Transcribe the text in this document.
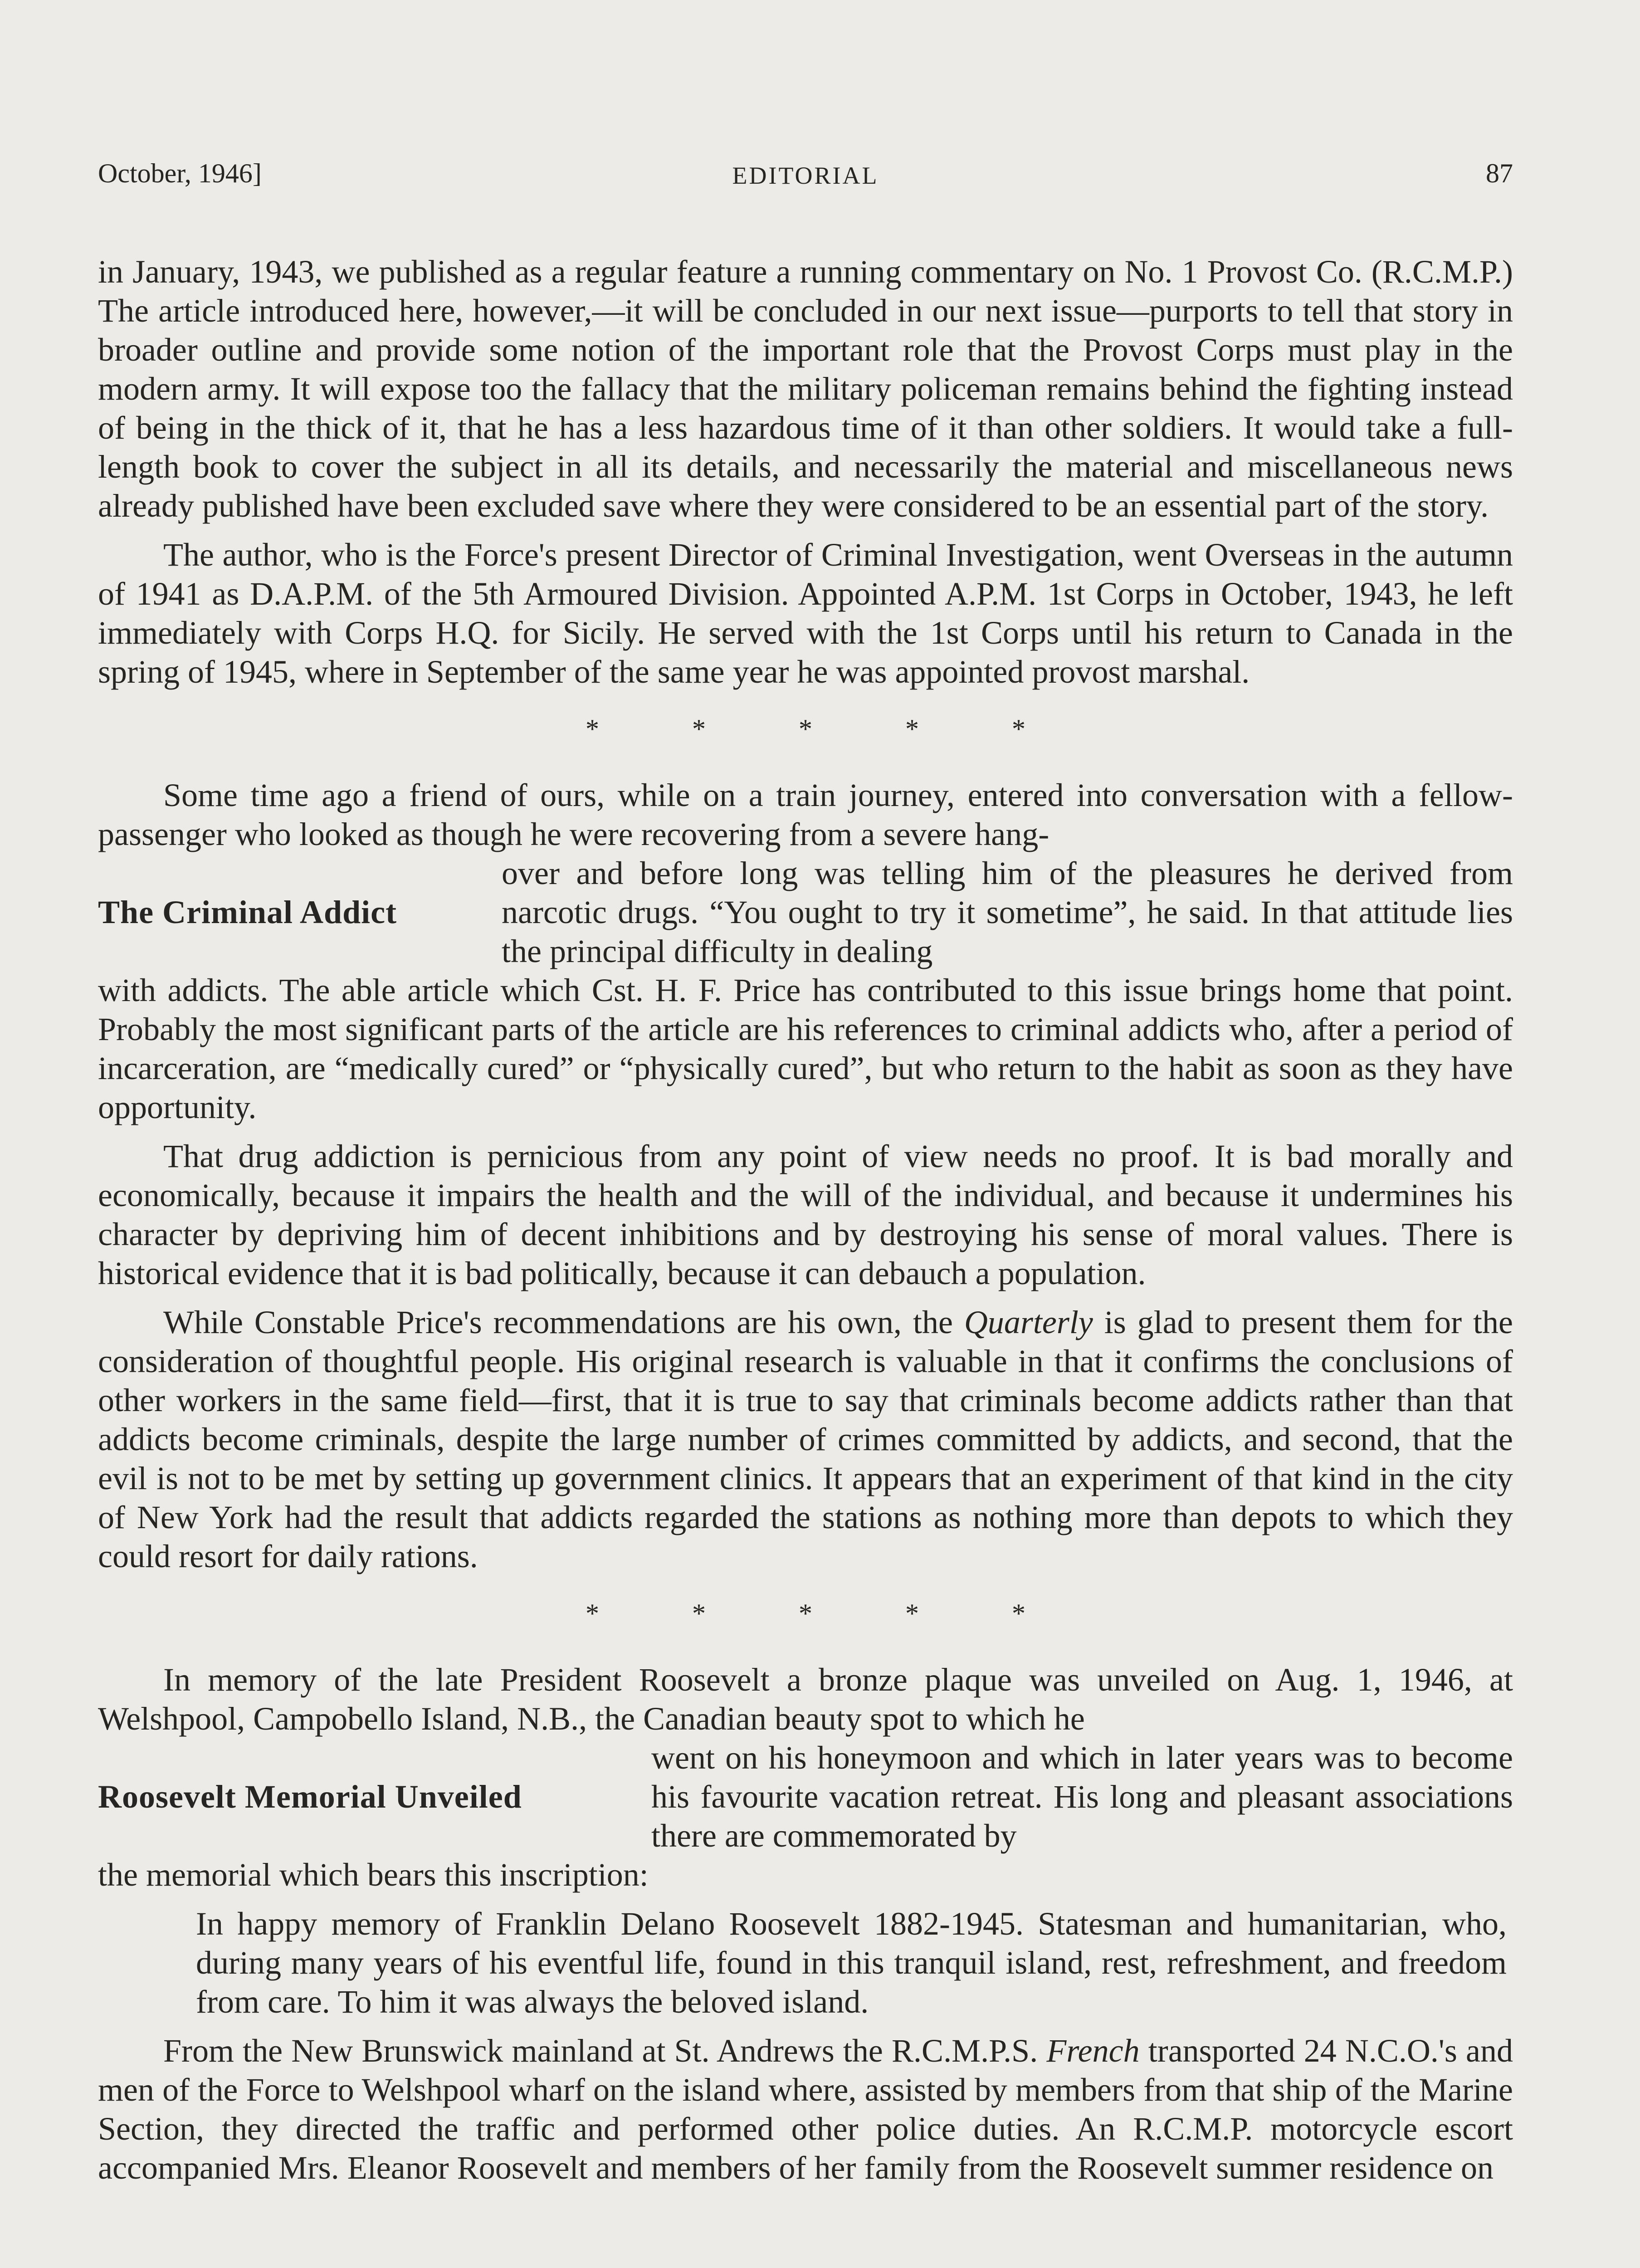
October, 1946]	EDITORIAL	87

in January, 1943, we published as a regular feature a running commentary on No. 1 Provost Co. (R.C.M.P.) The article introduced here, however,—it will be concluded in our next issue—purports to tell that story in broader outline and provide some notion of the important role that the Provost Corps must play in the modern army. It will expose too the fallacy that the military policeman remains behind the fighting instead of being in the thick of it, that he has a less hazardous time of it than other soldiers. It would take a full-length book to cover the subject in all its details, and necessarily the material and miscellaneous news already published have been excluded save where they were considered to be an essential part of the story.

The author, who is the Force's present Director of Criminal Investigation, went Overseas in the autumn of 1941 as D.A.P.M. of the 5th Armoured Division. Appointed A.P.M. 1st Corps in October, 1943, he left immediately with Corps H.Q. for Sicily. He served with the 1st Corps until his return to Canada in the spring of 1945, where in September of the same year he was appointed provost marshal.

* * * * *

Some time ago a friend of ours, while on a train journey, entered into conversation with a fellow-passenger who looked as though he were recovering from a severe hang-

The Criminal Addict
over and before long was telling him of the pleasures he derived from narcotic drugs. “You ought to try it sometime”, he said. In that attitude lies the principal difficulty in dealing

with addicts. The able article which Cst. H. F. Price has contributed to this issue brings home that point. Probably the most significant parts of the article are his references to criminal addicts who, after a period of incarceration, are “medically cured” or “physically cured”, but who return to the habit as soon as they have opportunity.

That drug addiction is pernicious from any point of view needs no proof. It is bad morally and economically, because it impairs the health and the will of the individual, and because it undermines his character by depriving him of decent inhibitions and by destroying his sense of moral values. There is historical evidence that it is bad politically, because it can debauch a population.

While Constable Price's recommendations are his own, the Quarterly is glad to present them for the consideration of thoughtful people. His original research is valuable in that it confirms the conclusions of other workers in the same field—first, that it is true to say that criminals become addicts rather than that addicts become criminals, despite the large number of crimes committed by addicts, and second, that the evil is not to be met by setting up government clinics. It appears that an experiment of that kind in the city of New York had the result that addicts regarded the stations as nothing more than depots to which they could resort for daily rations.

* * * * *

In memory of the late President Roosevelt a bronze plaque was unveiled on Aug. 1, 1946, at Welshpool, Campobello Island, N.B., the Canadian beauty spot to which he

Roosevelt Memorial Unveiled
went on his honeymoon and which in later years was to become his favourite vacation retreat. His long and pleasant associations there are commemorated by

the memorial which bears this inscription:

In happy memory of Franklin Delano Roosevelt 1882-1945. Statesman and humanitarian, who, during many years of his eventful life, found in this tranquil island, rest, refreshment, and freedom from care. To him it was always the beloved island.

From the New Brunswick mainland at St. Andrews the R.C.M.P.S. French transported 24 N.C.O.'s and men of the Force to Welshpool wharf on the island where, assisted by members from that ship of the Marine Section, they directed the traffic and performed other police duties. An R.C.M.P. motorcycle escort accompanied Mrs. Eleanor Roosevelt and members of her family from the Roosevelt summer residence on
